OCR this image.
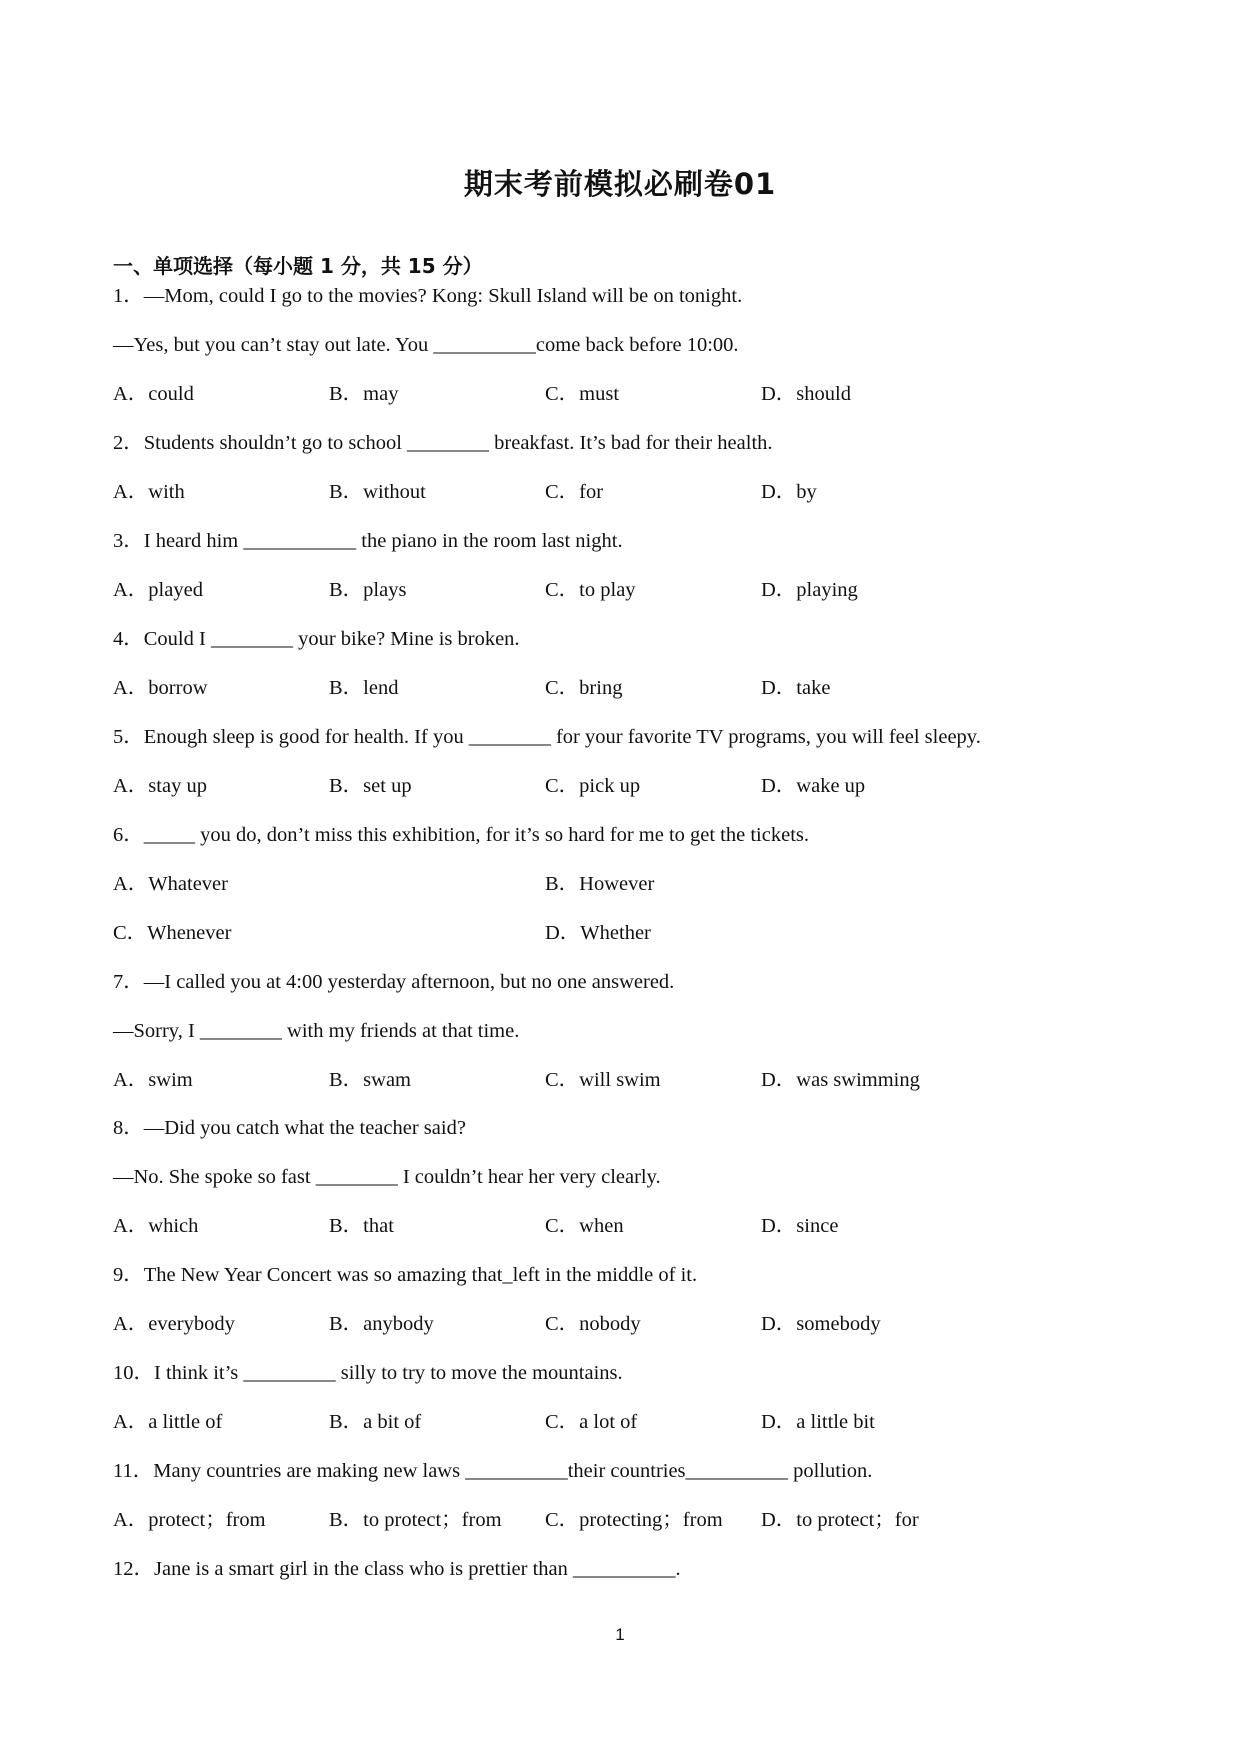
期末考前模拟必刷卷01
一、单项选择（每小题 1 分，共 15 分）
1．—Mom, could I go to the movies? Kong: Skull Island will be on tonight.
—Yes, but you can’t stay out late. You __________come back before 10:00.
A．could	B．may	C．must	D．should
2．Students shouldn’t go to school ________ breakfast. It’s bad for their health.
A．with	B．without	C．for	D．by
3．I heard him ___________ the piano in the room last night.
A．played	B．plays	C．to play	D．playing
4．Could I ________ your bike? Mine is broken.
A．borrow	B．lend	C．bring	D．take
5．Enough sleep is good for health. If you ________ for your favorite TV programs, you will feel sleepy.
A．stay up	B．set up	C．pick up	D．wake up
6．_____ you do, don’t miss this exhibition, for it’s so hard for me to get the tickets.
A．Whatever	B．However
C．Whenever	D．Whether
7．—I called you at 4:00 yesterday afternoon, but no one answered.
—Sorry, I ________ with my friends at that time.
A．swim	B．swam	C．will swim	D．was swimming
8．—Did you catch what the teacher said?
—No. She spoke so fast ________ I couldn’t hear her very clearly.
A．which	B．that	C．when	D．since
9．The New Year Concert was so amazing that_left in the middle of it.
A．everybody	B．anybody	C．nobody	D．somebody
10．I think it’s _________ silly to try to move the mountains.
A．a little of	B．a bit of	C．a lot of	D．a little bit
11．Many countries are making new laws __________their countries__________ pollution.
A．protect；from	B．to protect；from C．protecting；from D．to protect；for
12．Jane is a smart girl in the class who is prettier than __________.
1
